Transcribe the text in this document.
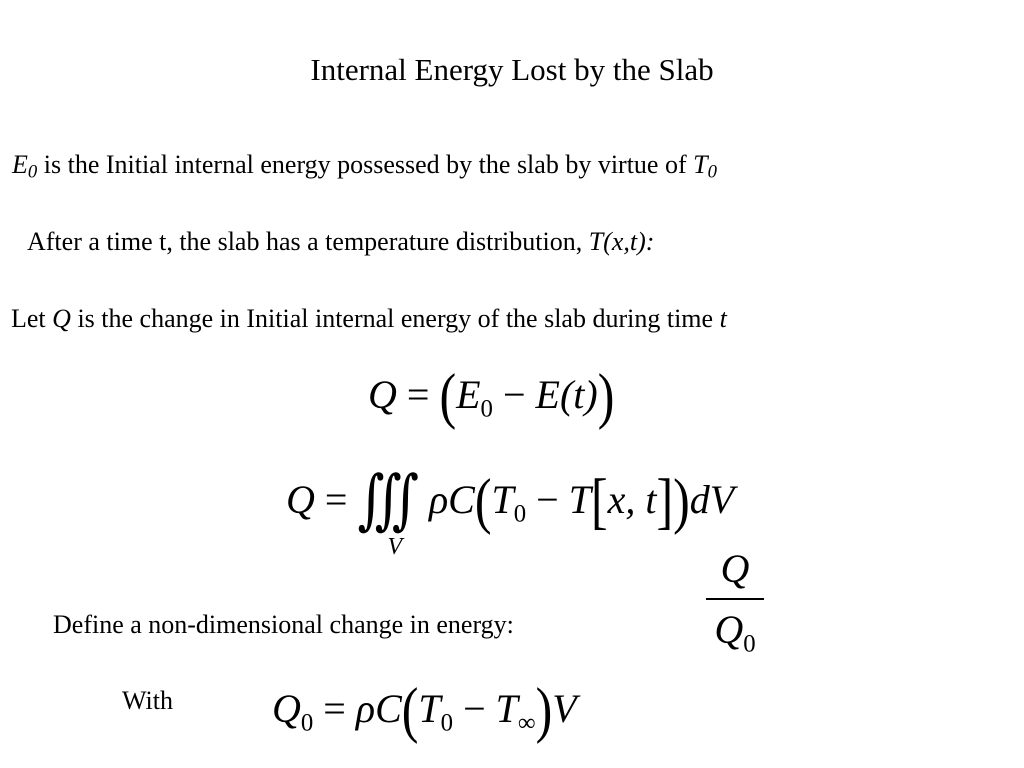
Internal Energy Lost by the Slab
$E_0$ is the Initial internal energy possessed by the slab by virtue of $T_0$
After a time t, the slab has a temperature distribution, T(x,t):
Let Q is the change in Initial internal energy of the slab during time t
$Q = (E_0 - E(t))$
Q = ∭
V
$\rho C(T_0 - T[x$, t])dV
Define a non-dimensional change in energy:
Q
$Q_0$
With $Q_0 = \rho C(T_0 - T_\infty)V$
